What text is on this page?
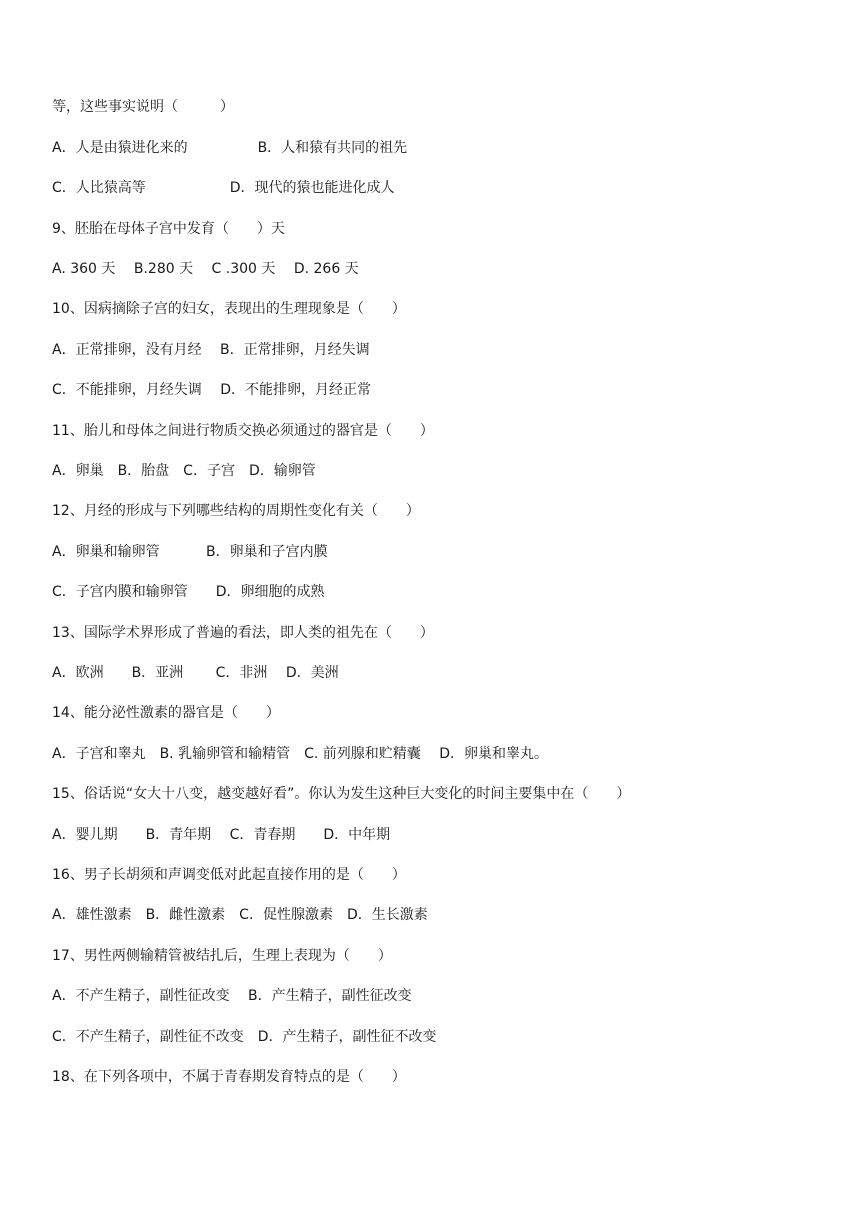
等，这些事实说明（　　　）
A．人是由猿进化来的　　　　　B．人和猿有共同的祖先
C．人比猿高等　　　　　　D．现代的猿也能进化成人
9、胚胎在母体子宫中发育（　　）天
A. 360 天　 B.280 天　 C .300 天　 D. 266 天
10、因病摘除子宫的妇女，表现出的生理现象是（　　）
A．正常排卵，没有月经　 B．正常排卵，月经失调
C．不能排卵，月经失调　 D．不能排卵，月经正常
11、胎儿和母体之间进行物质交换必须通过的器官是（　　）
A．卵巢　B．胎盘　C．子宫　D．输卵管
12、月经的形成与下列哪些结构的周期性变化有关（　　）
A．卵巢和输卵管　　　 B．卵巢和子宫内膜
C．子宫内膜和输卵管　　D．卵细胞的成熟
13、国际学术界形成了普遍的看法，即人类的祖先在（　　）
A．欧洲　　B．亚洲　　 C．非洲　 D．美洲
14、能分泌性激素的器官是（　　）
A．子宫和睾丸　B. 乳输卵管和输精管　C. 前列腺和贮精囊　 D．卵巢和睾丸。
15、俗话说“女大十八变，越变越好看”。你认为发生这种巨大变化的时间主要集中在（　　）
A．婴儿期　　B．青年期　 C．青春期　　D．中年期
16、男子长胡须和声调变低对此起直接作用的是（　　）
A．雄性激素　B．雌性激素　C．促性腺激素　D．生长激素
17、男性两侧输精管被结扎后，生理上表现为（　　）
A．不产生精子，副性征改变　 B．产生精子，副性征改变
C．不产生精子，副性征不改变　D．产生精子，副性征不改变
18、在下列各项中，不属于青春期发育特点的是（　　）
